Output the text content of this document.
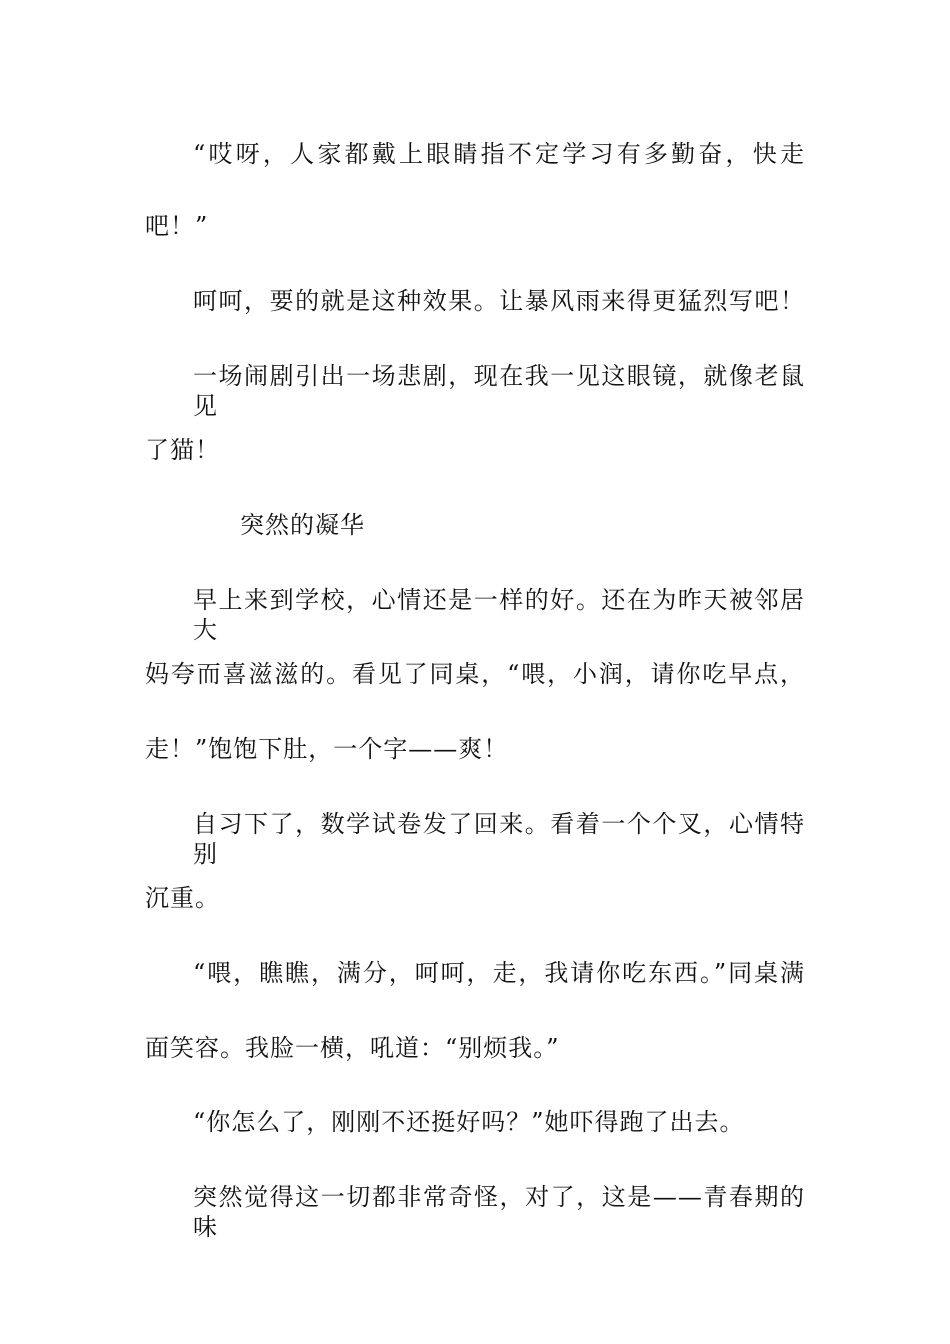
“哎呀，人家都戴上眼睛指不定学习有多勤奋，快走
吧！”
呵呵，要的就是这种效果。让暴风雨来得更猛烈写吧！
一场闹剧引出一场悲剧，现在我一见这眼镜，就像老鼠见
了猫！
突然的凝华
早上来到学校，心情还是一样的好。还在为昨天被邻居大
妈夸而喜滋滋的。看见了同桌，“喂，小润，请你吃早点，
走！”饱饱下肚，一个字——爽！
自习下了，数学试卷发了回来。看着一个个叉，心情特别
沉重。
“喂，瞧瞧，满分，呵呵，走，我请你吃东西。”同桌满
面笑容。我脸一横，吼道：“别烦我。”
“你怎么了，刚刚不还挺好吗？”她吓得跑了出去。
突然觉得这一切都非常奇怪，对了，这是——青春期的味
